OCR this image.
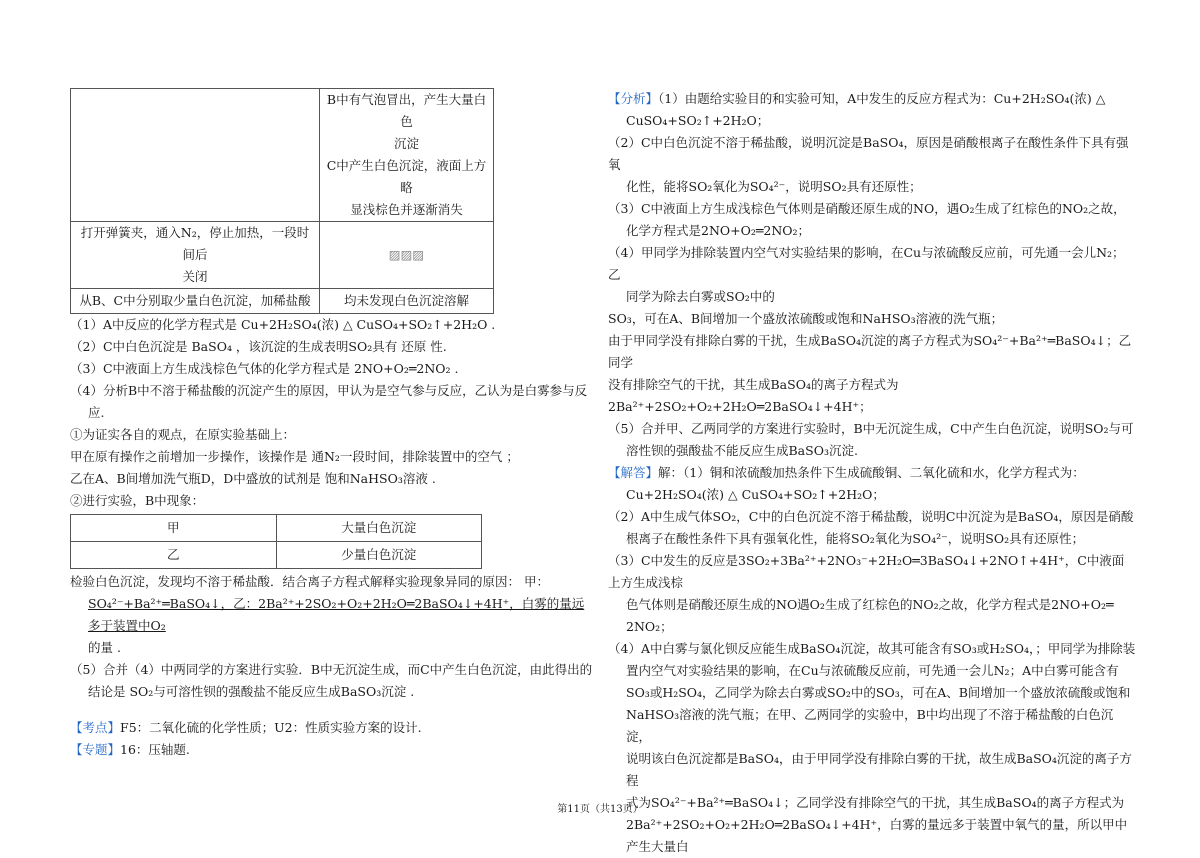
	B中有气泡冒出，产生大量白色
沉淀
C中产生白色沉淀，液面上方略
显浅棕色并逐渐消失

打开弹簧夹，通入N₂，停止加热，一段时间后
关闭	▨▨▨
从B、C中分别取少量白色沉淀，加稀盐酸	均未发现白色沉淀溶解

（1）A中反应的化学方程式是 Cu+2H₂SO₄(浓) △ CuSO₄+SO₂↑+2H₂O .

（2）C中白色沉淀是 BaSO₄ ，该沉淀的生成表明SO₂具有 还原 性.

（3）C中液面上方生成浅棕色气体的化学方程式是 2NO+O₂═2NO₂ .

（4）分析B中不溶于稀盐酸的沉淀产生的原因，甲认为是空气参与反应，乙认为是白雾参与反

应.

①为证实各自的观点，在原实验基础上：

甲在原有操作之前增加一步操作，该操作是 通N₂一段时间，排除装置中的空气 ；

乙在A、B间增加洗气瓶D，D中盛放的试剂是 饱和NaHSO₃溶液 .

②进行实验，B中现象：

甲	大量白色沉淀
乙	少量白色沉淀

检验白色沉淀，发现均不溶于稀盐酸．结合离子方程式解释实验现象异同的原因： 甲：

SO₄²⁻+Ba²⁺═BaSO₄↓，乙：2Ba²⁺+2SO₂+O₂+2H₂O═2BaSO₄↓+4H⁺，白雾的量远多于装置中O₂

的量 .

（5）合并（4）中两同学的方案进行实验．B中无沉淀生成，而C中产生白色沉淀，由此得出的

结论是 SO₂与可溶性钡的强酸盐不能反应生成BaSO₃沉淀 .

【考点】F5：二氧化硫的化学性质；U2：性质实验方案的设计.

【专题】16：压轴题.

【分析】（1）由题给实验目的和实验可知，A中发生的反应方程式为：Cu+2H₂SO₄(浓) △

CuSO₄+SO₂↑+2H₂O；

（2）C中白色沉淀不溶于稀盐酸，说明沉淀是BaSO₄，原因是硝酸根离子在酸性条件下具有强氧

化性，能将SO₂氧化为SO₄²⁻，说明SO₂具有还原性；

（3）C中液面上方生成浅棕色气体则是硝酸还原生成的NO，遇O₂生成了红棕色的NO₂之故，

化学方程式是2NO+O₂═2NO₂；

（4）甲同学为排除装置内空气对实验结果的影响，在Cu与浓硫酸反应前，可先通一会儿N₂；乙

同学为除去白雾或SO₂中的

SO₃，可在A、B间增加一个盛放浓硫酸或饱和NaHSO₃溶液的洗气瓶；

由于甲同学没有排除白雾的干扰，生成BaSO₄沉淀的离子方程式为SO₄²⁻+Ba²⁺═BaSO₄↓；乙同学

没有排除空气的干扰，其生成BaSO₄的离子方程式为2Ba²⁺+2SO₂+O₂+2H₂O═2BaSO₄↓+4H⁺；

（5）合并甲、乙两同学的方案进行实验时，B中无沉淀生成，C中产生白色沉淀，说明SO₂与可

溶性钡的强酸盐不能反应生成BaSO₃沉淀.

【解答】解：（1）铜和浓硫酸加热条件下生成硫酸铜、二氧化硫和水，化学方程式为：

Cu+2H₂SO₄(浓) △ CuSO₄+SO₂↑+2H₂O；

（2）A中生成气体SO₂，C中的白色沉淀不溶于稀盐酸，说明C中沉淀为是BaSO₄，原因是硝酸

根离子在酸性条件下具有强氧化性，能将SO₂氧化为SO₄²⁻，说明SO₂具有还原性；

（3）C中发生的反应是3SO₂+3Ba²⁺+2NO₃⁻+2H₂O═3BaSO₄↓+2NO↑+4H⁺，C中液面上方生成浅棕

色气体则是硝酸还原生成的NO遇O₂生成了红棕色的NO₂之故，化学方程式是2NO+O₂═

2NO₂；

（4）A中白雾与氯化钡反应能生成BaSO₄沉淀，故其可能含有SO₃或H₂SO₄，；甲同学为排除装

置内空气对实验结果的影响，在Cu与浓硫酸反应前，可先通一会儿N₂；A中白雾可能含有

SO₃或H₂SO₄，乙同学为除去白雾或SO₂中的SO₃，可在A、B间增加一个盛放浓硫酸或饱和

NaHSO₃溶液的洗气瓶；在甲、乙两同学的实验中，B中均出现了不溶于稀盐酸的白色沉淀，

说明该白色沉淀都是BaSO₄，由于甲同学没有排除白雾的干扰，故生成BaSO₄沉淀的离子方程

式为SO₄²⁻+Ba²⁺═BaSO₄↓；乙同学没有排除空气的干扰，其生成BaSO₄的离子方程式为

2Ba²⁺+2SO₂+O₂+2H₂O═2BaSO₄↓+4H⁺，白雾的量远多于装置中氧气的量，所以甲中产生大量白

第11页（共13页）
